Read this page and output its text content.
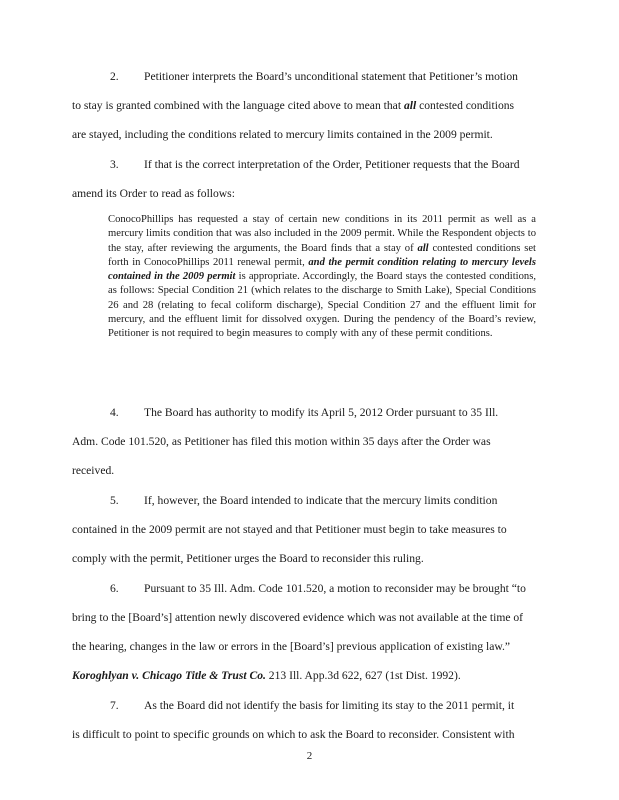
2. Petitioner interprets the Board’s unconditional statement that Petitioner’s motion

to stay is granted combined with the language cited above to mean that all contested conditions

are stayed, including the conditions related to mercury limits contained in the 2009 permit.

3. If that is the correct interpretation of the Order, Petitioner requests that the Board

amend its Order to read as follows:

ConocoPhillips has requested a stay of certain new conditions in its 2011 permit as well as a mercury limits condition that was also included in the 2009 permit. While the Respondent objects to the stay, after reviewing the arguments, the Board finds that a stay of all contested conditions set forth in ConocoPhillips 2011 renewal permit, and the permit condition relating to mercury levels contained in the 2009 permit is appropriate. Accordingly, the Board stays the contested conditions, as follows: Special Condition 21 (which relates to the discharge to Smith Lake), Special Conditions 26 and 28 (relating to fecal coliform discharge), Special Condition 27 and the effluent limit for mercury, and the effluent limit for dissolved oxygen. During the pendency of the Board’s review, Petitioner is not required to begin measures to comply with any of these permit conditions.

4. The Board has authority to modify its April 5, 2012 Order pursuant to 35 Ill.

Adm. Code 101.520, as Petitioner has filed this motion within 35 days after the Order was

received.

5. If, however, the Board intended to indicate that the mercury limits condition

contained in the 2009 permit are not stayed and that Petitioner must begin to take measures to

comply with the permit, Petitioner urges the Board to reconsider this ruling.

6. Pursuant to 35 Ill. Adm. Code 101.520, a motion to reconsider may be brought “to

bring to the [Board’s] attention newly discovered evidence which was not available at the time of

the hearing, changes in the law or errors in the [Board’s] previous application of existing law.”

Koroghlyan v. Chicago Title & Trust Co. 213 Ill. App.3d 622, 627 (1st Dist. 1992).

7. As the Board did not identify the basis for limiting its stay to the 2011 permit, it

is difficult to point to specific grounds on which to ask the Board to reconsider. Consistent with

2
